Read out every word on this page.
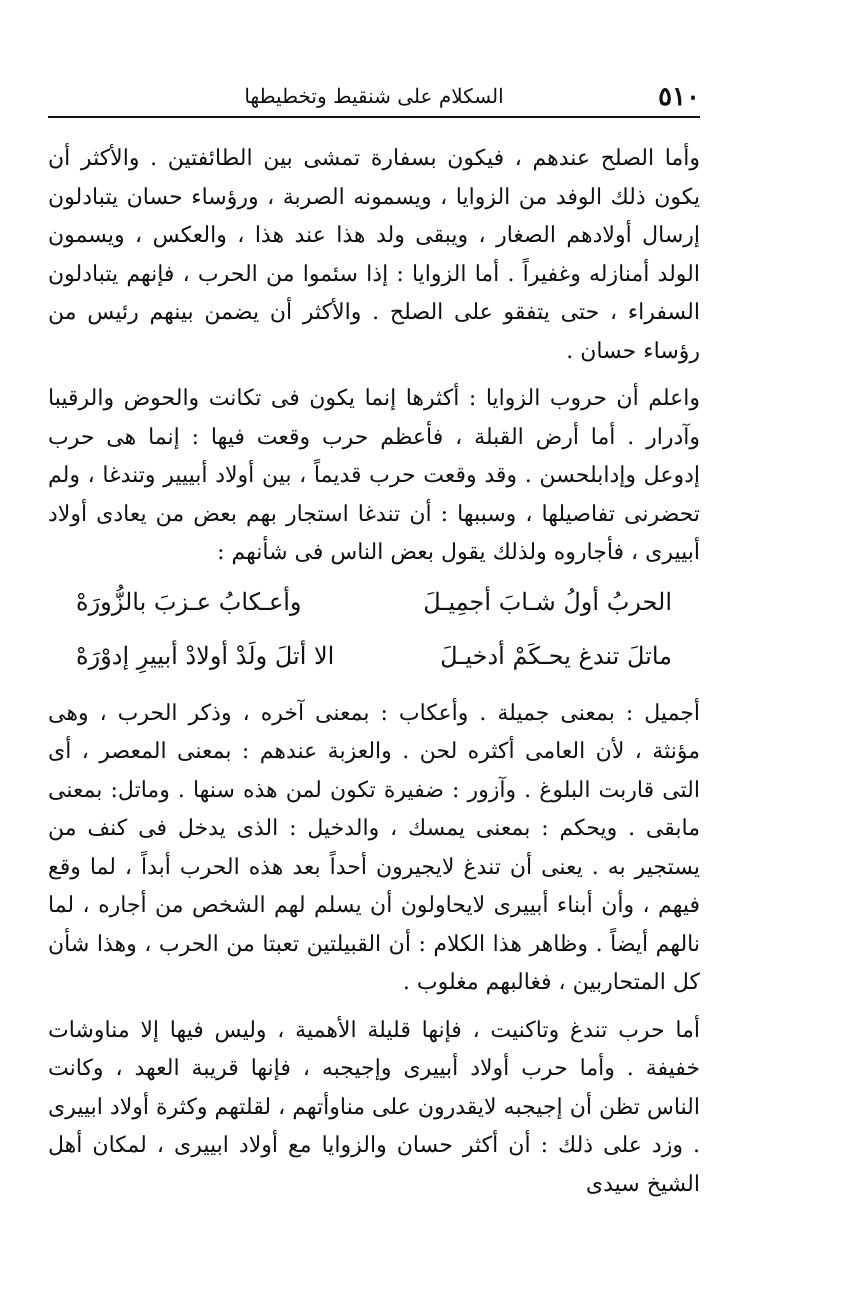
٥١٠
السكلام على شنقيط وتخطيطها

وأما الصلح عندهم ، فيكون بسفارة تمشى بين الطائفتين . والأكثر أن يكون ذلك الوفد من الزوايا ، ويسمونه الصربة ، ورؤساء حسان يتبادلون إرسال أولادهم الصغار ، ويبقى ولد هذا عند هذا ، والعكس ، ويسمون الولد أمنازله وغفيراً . أما الزوايا : إذا سئموا من الحرب ، فإنهم يتبادلون السفراء ، حتى يتفقو على الصلح . والأكثر أن يضمن بينهم رئيس من رؤساء حسان .

واعلم أن حروب الزوايا : أكثرها إنما يكون فى تكانت والحوض والرقيبا وآدرار . أما أرض القبلة ، فأعظم حرب وقعت فيها : إنما هى حرب إدوعل وإدابلحسن . وقد وقعت حرب قديماً ، بين أولاد أبييير وتندغا ، ولم تحضرنى تفاصيلها ، وسببها : أن تندغا استجار بهم بعض من يعادى أولاد أبييرى ، فأجاروه ولذلك يقول بعض الناس فى شأنهم :

الحربُ أولُ شـابَ أجمِيـلَ
وأعـكابُ عـزبَ بالزُّورَهْ
ماتلَ تندغ يحـكَمْ أدخيـلَ
الا أتلَ ولَدْ أولادْ أبييرِ إدوْرَهْ

أجميل : بمعنى جميلة . وأعكاب : بمعنى آخره ، وذكر الحرب ، وهى مؤنثة ، لأن العامى أكثره لحن . والعزبة عندهم : بمعنى المعصر ، أى التى قاربت البلوغ . وآزور : ضفيرة تكون لمن هذه سنها . وماتل: بمعنى مابقى . ويحكم : بمعنى يمسك ، والدخيل : الذى يدخل فى كنف من يستجير به . يعنى أن تندغ لايجيرون أحداً بعد هذه الحرب أبداً ، لما وقع فيهم ، وأن أبناء أبييرى لايحاولون أن يسلم لهم الشخص من أجاره ، لما نالهم أيضاً . وظاهر هذا الكلام : أن القبيلتين تعبتا من الحرب ، وهذا شأن كل المتحاربين ، فغالبهم مغلوب .

أما حرب تندغ وتاكنيت ، فإنها قليلة الأهمية ، وليس فيها إلا مناوشات خفيفة . وأما حرب أولاد أبييرى وإجيجبه ، فإنها قريبة العهد ، وكانت الناس تظن أن إجيجبه لايقدرون على مناوأتهم ، لقلتهم وكثرة أولاد ابييرى . وزد على ذلك : أن أكثر حسان والزوايا مع أولاد ابييرى ، لمكان أهل الشيخ سيدى
